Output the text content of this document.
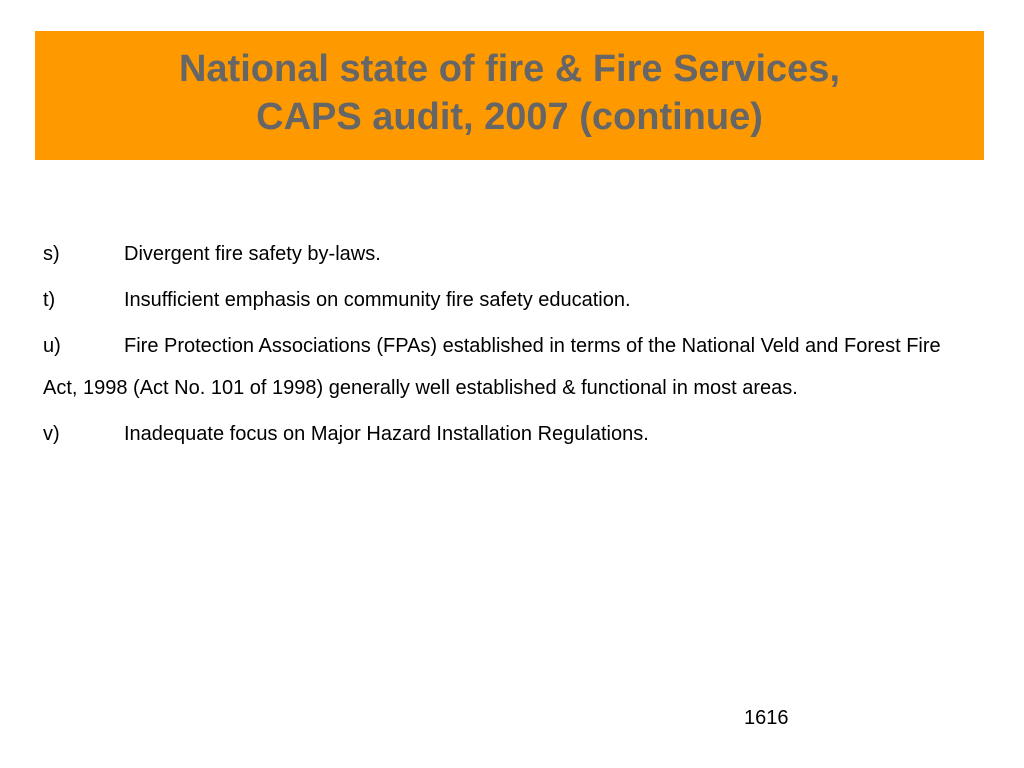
National state of fire & Fire Services,
CAPS audit, 2007 (continue)
s)	Divergent fire safety by-laws.
t)	Insufficient emphasis on community fire safety education.
u)	Fire Protection Associations (FPAs) established in terms of the National Veld and Forest Fire Act, 1998 (Act No. 101 of 1998) generally well established & functional in most areas.
v)	Inadequate focus on Major Hazard Installation Regulations.
1616
